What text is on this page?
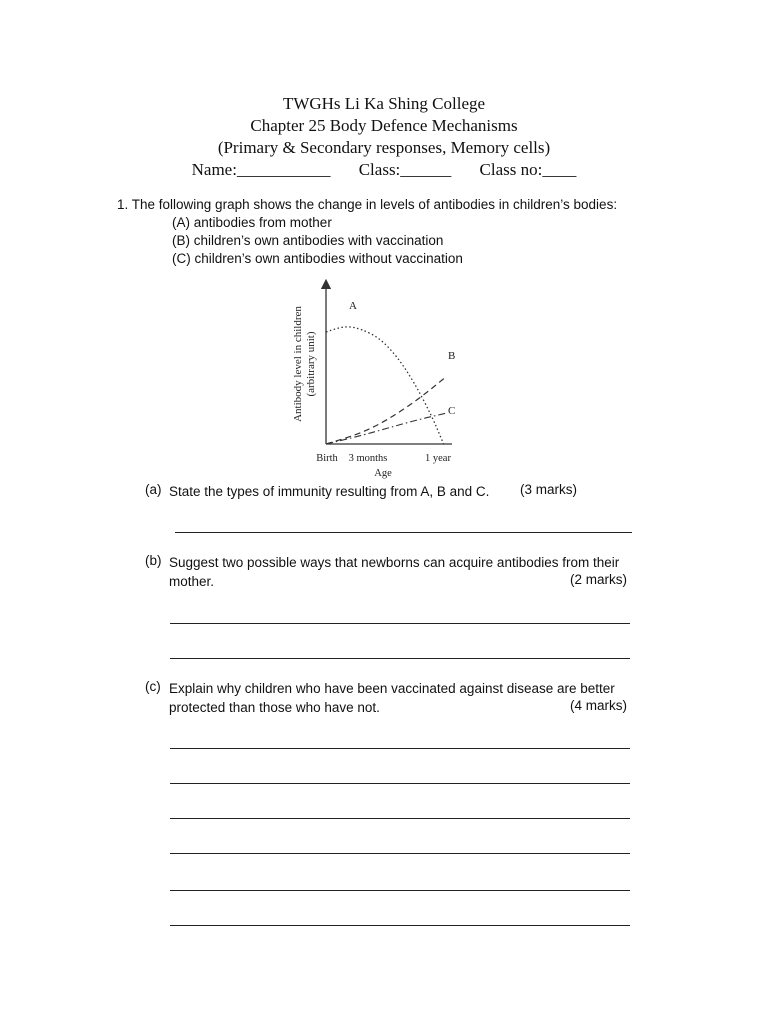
TWGHs Li Ka Shing College
Chapter 25 Body Defence Mechanisms
(Primary & Secondary responses, Memory cells)
Name:___________ Class:______ Class no:____
1. The following graph shows the change in levels of antibodies in children’s bodies:
(A) antibodies from mother
(B) children’s own antibodies with vaccination
(C) children’s own antibodies without vaccination
Antibody level in children (arbitrary unit)
Birth 3 months	1 year
Age
A
B
C
(a) State the types of immunity resulting from A, B and C.	(3 marks)
(b) Suggest two possible ways that newborns can acquire antibodies from their
mother.	(2 marks)
(c) Explain why children who have been vaccinated against disease are better
protected than those who have not.	(4 marks)
